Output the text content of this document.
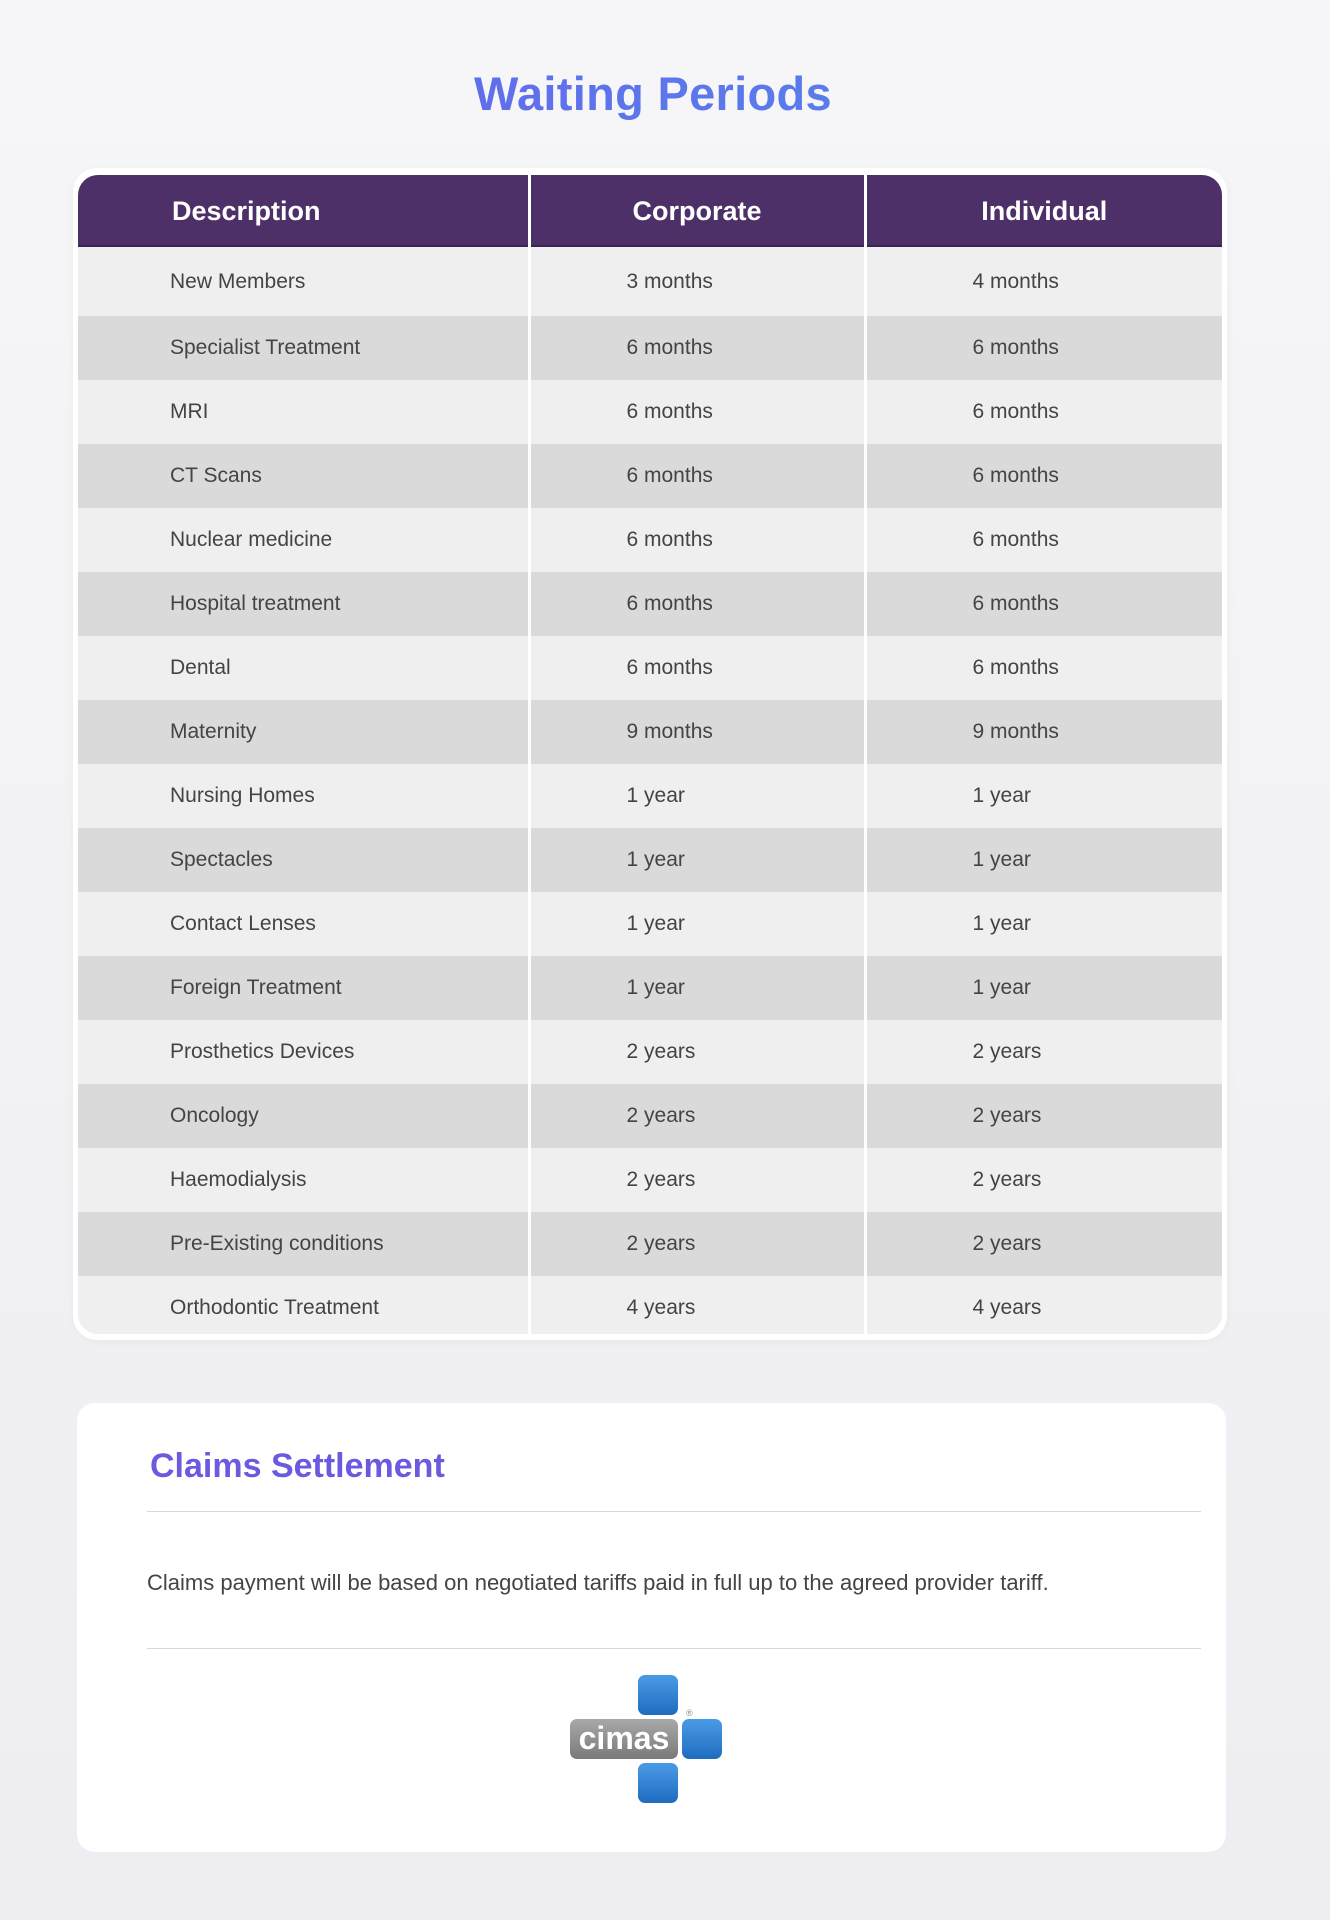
Waiting Periods
Description	Corporate	Individual
New Members	3 months	4 months
Specialist Treatment	6 months	6 months
MRI	6 months	6 months
CT Scans	6 months	6 months
Nuclear medicine	6 months	6 months
Hospital treatment	6 months	6 months
Dental	6 months	6 months
Maternity	9 months	9 months
Nursing Homes	1 year	1 year
Spectacles	1 year	1 year
Contact Lenses	1 year	1 year
Foreign Treatment	1 year	1 year
Prosthetics Devices	2 years	2 years
Oncology	2 years	2 years
Haemodialysis	2 years	2 years
Pre-Existing conditions	2 years	2 years
Orthodontic Treatment	4 years	4 years
Claims Settlement
Claims payment will be based on negotiated tariffs paid in full up to the agreed provider tariff.
cimas
®
